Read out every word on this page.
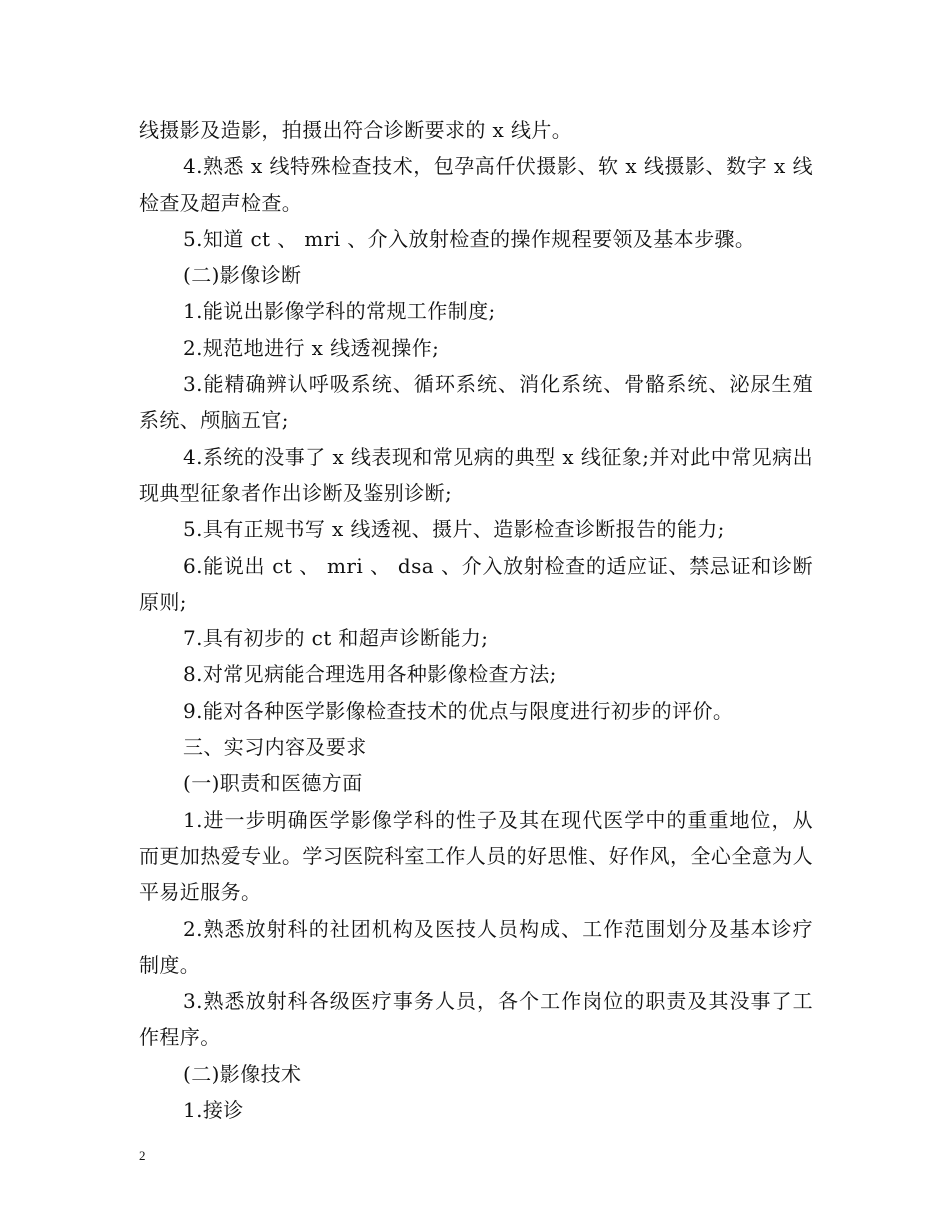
线摄影及造影，拍摄出符合诊断要求的 x 线片。

4.熟悉 x 线特殊检查技术，包孕高仟伏摄影、软 x 线摄影、数字 x 线检查及超声检查。

5.知道 ct 、 mri 、介入放射检查的操作规程要领及基本步骤。

(二)影像诊断

1.能说出影像学科的常规工作制度;

2.规范地进行 x 线透视操作;

3.能精确辨认呼吸系统、循环系统、消化系统、骨骼系统、泌尿生殖系统、颅脑五官;

4.系统的没事了 x 线表现和常见病的典型 x 线征象;并对此中常见病出现典型征象者作出诊断及鉴别诊断;

5.具有正规书写 x 线透视、摄片、造影检查诊断报告的能力;

6.能说出 ct 、 mri 、 dsa 、介入放射检查的适应证、禁忌证和诊断原则;

7.具有初步的 ct 和超声诊断能力;

8.对常见病能合理选用各种影像检查方法;

9.能对各种医学影像检查技术的优点与限度进行初步的评价。

三、实习内容及要求

(一)职责和医德方面

1.进一步明确医学影像学科的性子及其在现代医学中的重重地位，从而更加热爱专业。学习医院科室工作人员的好思惟、好作风，全心全意为人平易近服务。

2.熟悉放射科的社团机构及医技人员构成、工作范围划分及基本诊疗制度。

3.熟悉放射科各级医疗事务人员，各个工作岗位的职责及其没事了工作程序。

(二)影像技术

1.接诊

2
